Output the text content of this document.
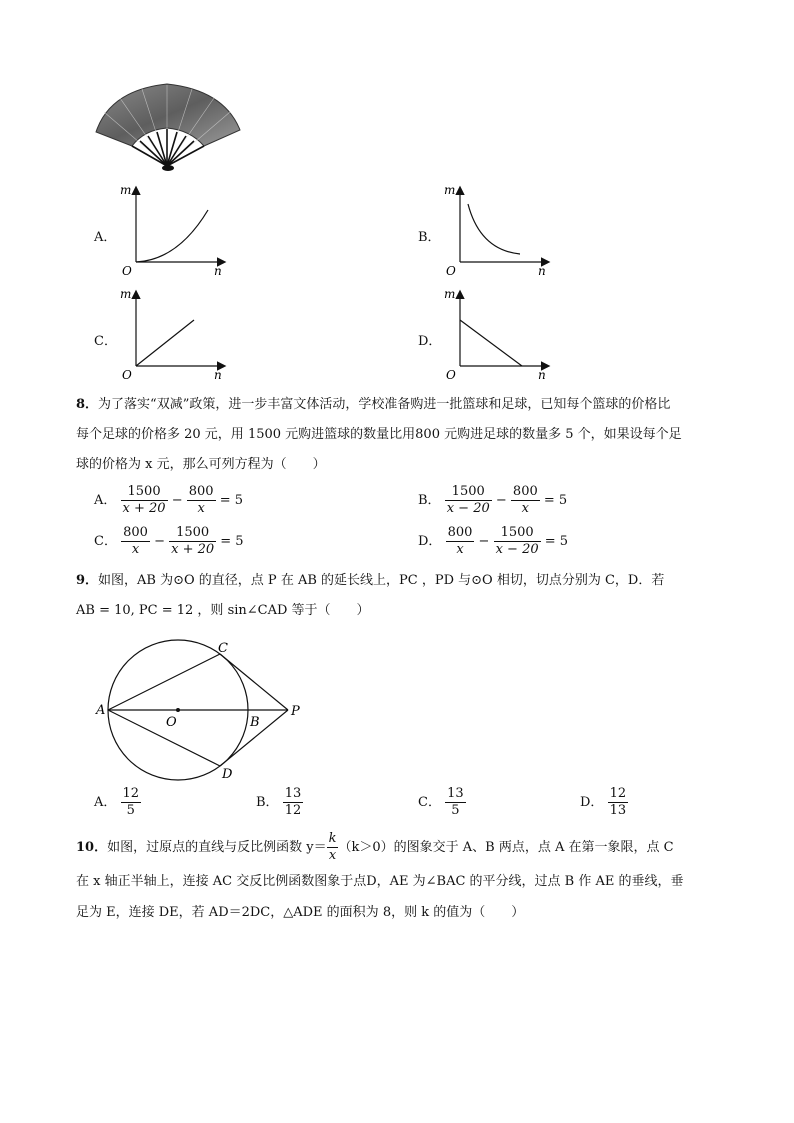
A．	B．
C．	D．
m
n
O
m
n
O
m
n
O
m
n
O
8．为了落实“双减”政策，进一步丰富文体活动，学校准备购进一批篮球和足球，已知每个篮球的价格比
每个足球的价格多 20 元，用 1500 元购进篮球的数量比用800 元购进足球的数量多 5 个，如果设每个足
球的价格为 x 元，那么可列方程为（　　）
A． $\frac{1500}{x + 20} - \frac{800}{x} = 5$	B． $\frac{1500}{x - 20} - \frac{800}{x} = 5$
C． $\frac{800}{x} - \frac{1500}{x + 20} = 5$	D． $\frac{800}{x} - \frac{1500}{x - 20} = 5$
9．如图，AB 为⊙O 的直径，点 P 在 AB 的延长线上，PC ，PD 与⊙O 相切，切点分别为 C，D．若
AB = 10, PC = 12 ，则 sin∠CAD 等于（　　）
A
O	B
C
D
P
A． $\frac{12}{5}$	B． $\frac{13}{12}$	C． $\frac{13}{5}$	D． $\frac{12}{13}$
10．如图，过原点的直线与反比例函数 $y= \frac{k}{x} (k>0)$的图象交于 A、B 两点，点 A 在第一象限，点 C
在 x 轴正半轴上，连接 AC 交反比例函数图象于点D，AE 为∠BAC 的平分线，过点 B 作 AE 的垂线，垂
足为 E，连接 DE，若 AD＝2DC，△ADE 的面积为 8，则 k 的值为（　　）
